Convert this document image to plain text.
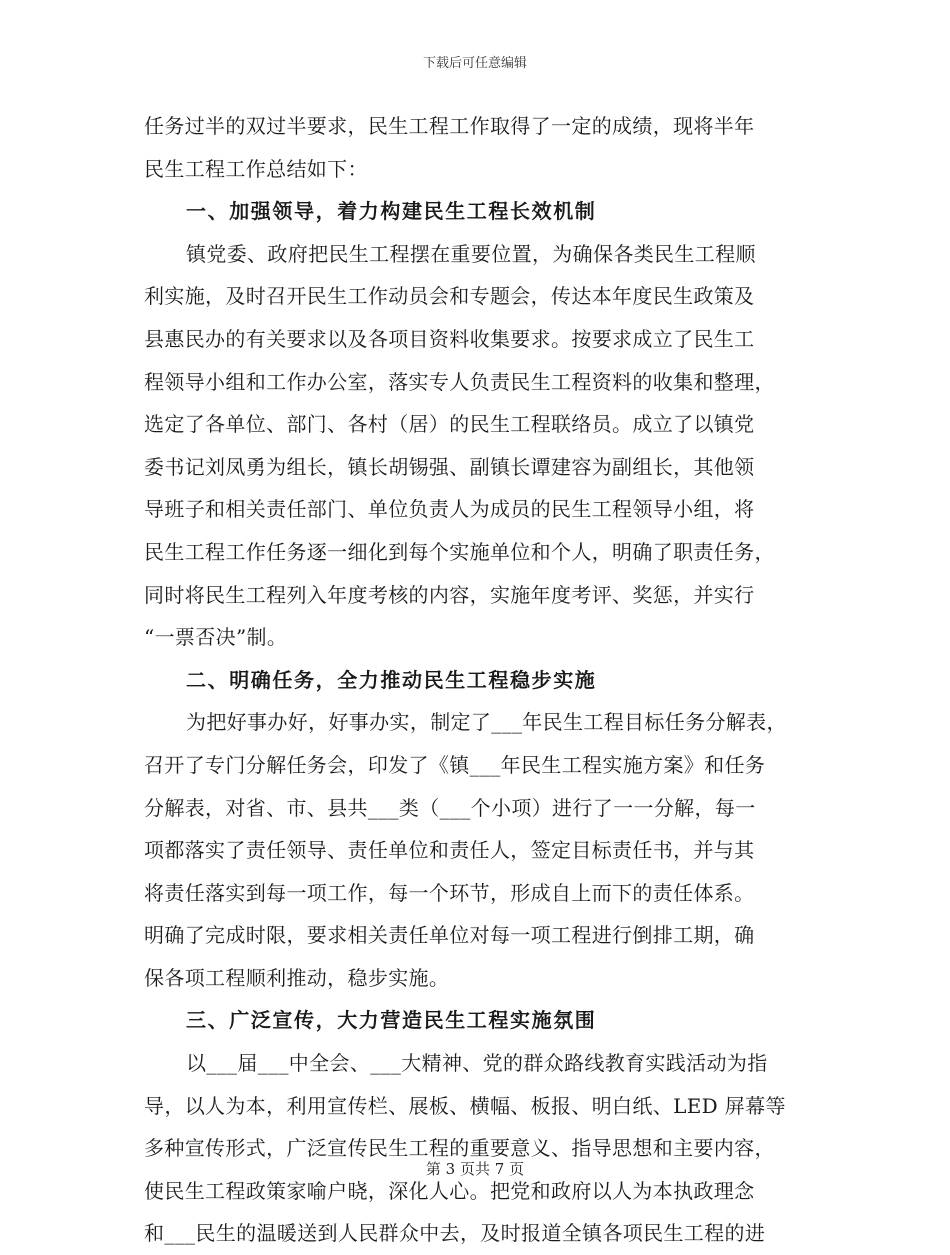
下载后可任意编辑
任务过半的双过半要求，民生工程工作取得了一定的成绩，现将半年
民生工程工作总结如下：
一、加强领导，着力构建民生工程长效机制
镇党委、政府把民生工程摆在重要位置，为确保各类民生工程顺
利实施，及时召开民生工作动员会和专题会，传达本年度民生政策及
县惠民办的有关要求以及各项目资料收集要求。按要求成立了民生工
程领导小组和工作办公室，落实专人负责民生工程资料的收集和整理，
选定了各单位、部门、各村（居）的民生工程联络员。成立了以镇党
委书记刘凤勇为组长，镇长胡锡强、副镇长谭建容为副组长，其他领
导班子和相关责任部门、单位负责人为成员的民生工程领导小组，将
民生工程工作任务逐一细化到每个实施单位和个人，明确了职责任务，
同时将民生工程列入年度考核的内容，实施年度考评、奖惩，并实行
“一票否决”制。
二、明确任务，全力推动民生工程稳步实施
为把好事办好，好事办实，制定了___年民生工程目标任务分解表，
召开了专门分解任务会，印发了《镇___年民生工程实施方案》和任务
分解表，对省、市、县共___类（___个小项）进行了一一分解，每一
项都落实了责任领导、责任单位和责任人，签定目标责任书，并与其
将责任落实到每一项工作，每一个环节，形成自上而下的责任体系。
明确了完成时限，要求相关责任单位对每一项工程进行倒排工期，确
保各项工程顺利推动，稳步实施。
三、广泛宣传，大力营造民生工程实施氛围
以___届___中全会、___大精神、党的群众路线教育实践活动为指
导，以人为本，利用宣传栏、展板、横幅、板报、明白纸、LED 屏幕等
多种宣传形式，广泛宣传民生工程的重要意义、指导思想和主要内容，
使民生工程政策家喻户晓，深化人心。把党和政府以人为本执政理念
和___民生的温暖送到人民群众中去，及时报道全镇各项民生工程的进
第 3 页共 7 页
